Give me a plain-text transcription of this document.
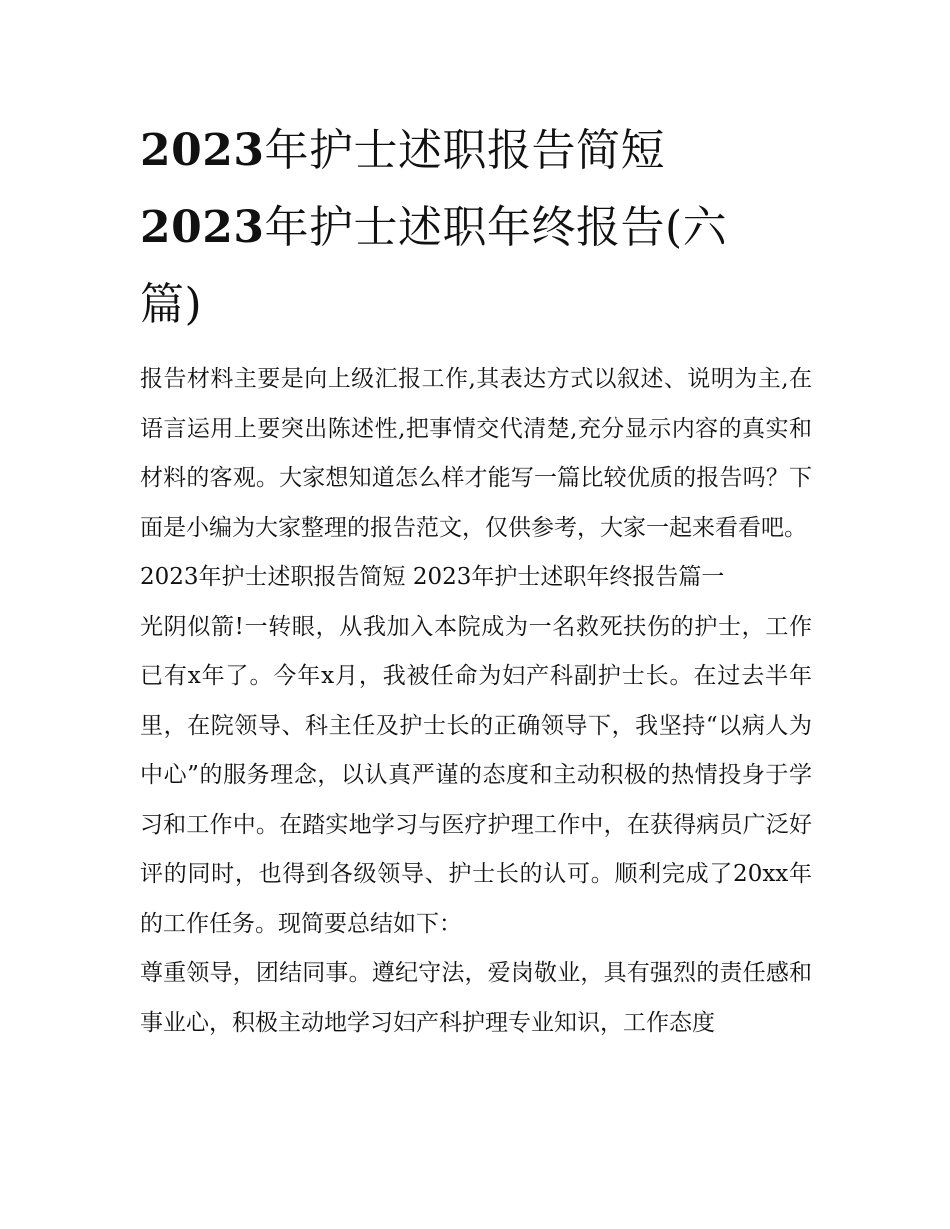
2023年护士述职报告简短
2023年护士述职年终报告(六
篇)

报告材料主要是向上级汇报工作,其表达方式以叙述、说明为主,在语言运用上要突出陈述性,把事情交代清楚,充分显示内容的真实和材料的客观。大家想知道怎么样才能写一篇比较优质的报告吗？下面是小编为大家整理的报告范文，仅供参考，大家一起来看看吧。

2023年护士述职报告简短 2023年护士述职年终报告篇一

光阴似箭!一转眼，从我加入本院成为一名救死扶伤的护士，工作已有x年了。今年x月，我被任命为妇产科副护士长。在过去半年里，在院领导、科主任及护士长的正确领导下，我坚持“以病人为中心”的服务理念，以认真严谨的态度和主动积极的热情投身于学习和工作中。在踏实地学习与医疗护理工作中，在获得病员广泛好评的同时，也得到各级领导、护士长的认可。顺利完成了20xx年的工作任务。现简要总结如下：

尊重领导，团结同事。遵纪守法，爱岗敬业，具有强烈的责任感和事业心，积极主动地学习妇产科护理专业知识，工作态度
